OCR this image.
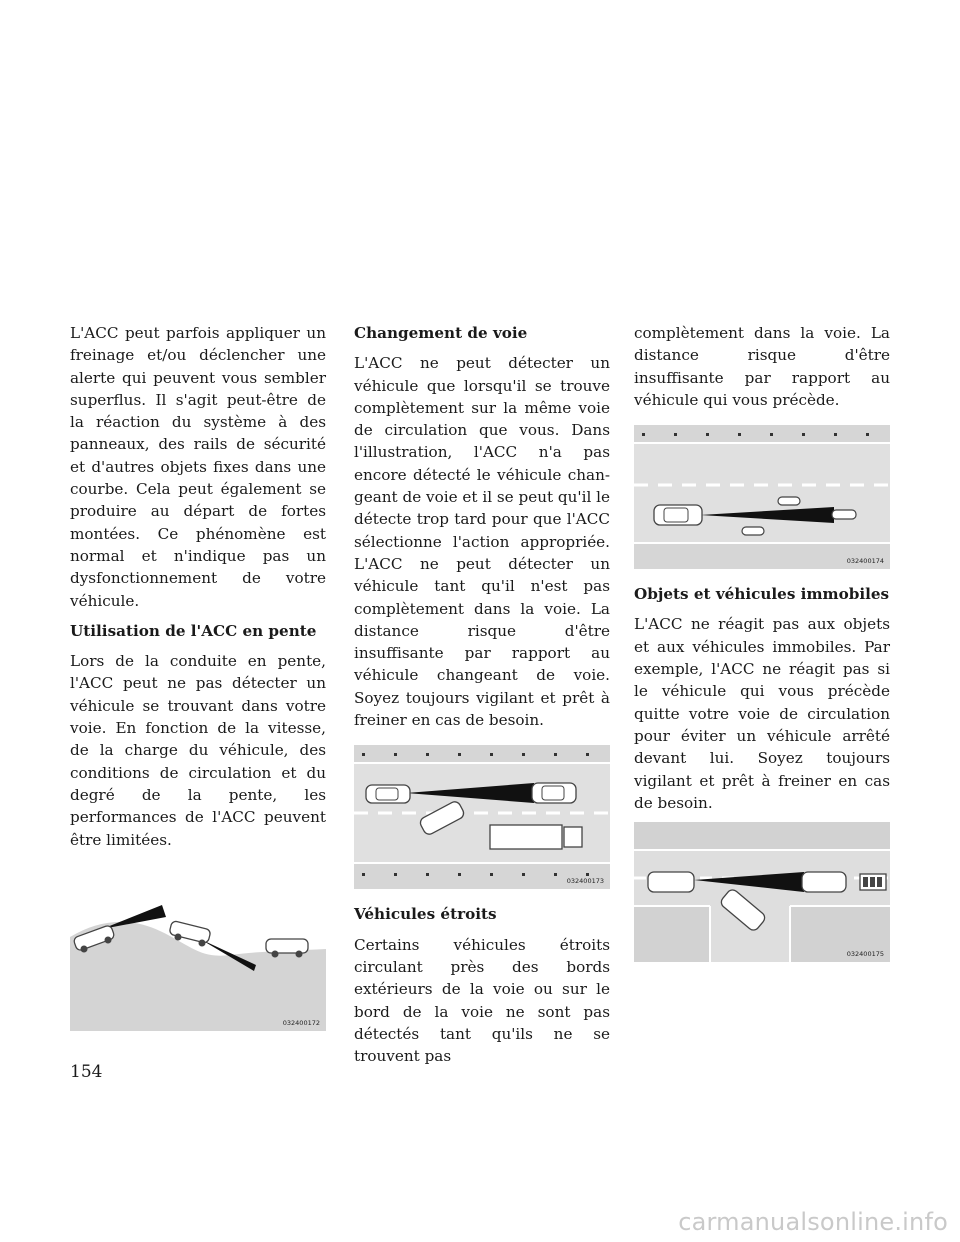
L'ACC peut parfois appliquer un freinage et/ou déclencher une alerte qui peuvent vous sembler superflus. Il s'agit peut-être de la réaction du système à des panneaux, des rails de sécurité et d'autres objets fixes dans une courbe. Cela peut également se produire au départ de fortes montées. Ce phénomène est normal et n'indique pas un dysfonctionnement de votre véhicule.

Utilisation de l'ACC en pente

Lors de la conduite en pente, l'ACC peut ne pas détecter un véhicule se trouvant dans votre voie. En fonction de la vitesse, de la charge du véhicule, des conditions de circulation et du degré de la pente, les performances de l'ACC peuvent être limitées.

032400172

Changement de voie

L'ACC ne peut détecter un véhicule que lorsqu'il se trouve complètement sur la même voie de circulation que vous. Dans l'illustration, l'ACC n'a pas encore détecté le véhicule changeant de voie et il se peut qu'il le détecte trop tard pour que l'ACC sélectionne l'action appropriée. L'ACC ne peut détecter un véhicule tant qu'il n'est pas complètement dans la voie. La distance risque d'être insuffisante par rapport au véhicule changeant de voie. Soyez toujours vigilant et prêt à freiner en cas de besoin.

032400173

Véhicules étroits

Certains véhicules étroits circulant près des bords extérieurs de la voie ou sur le bord de la voie ne sont pas détectés tant qu'ils ne se trouvent pas

complètement dans la voie. La distance risque d'être insuffisante par rapport au véhicule qui vous précède.

032400174

Objets et véhicules immobiles

L'ACC ne réagit pas aux objets et aux véhicules immobiles. Par exemple, l'ACC ne réagit pas si le véhicule qui vous précède quitte votre voie de circulation pour éviter un véhicule arrêté devant lui. Soyez toujours vigilant et prêt à freiner en cas de besoin.

032400175
154
carmanualsonline.info
